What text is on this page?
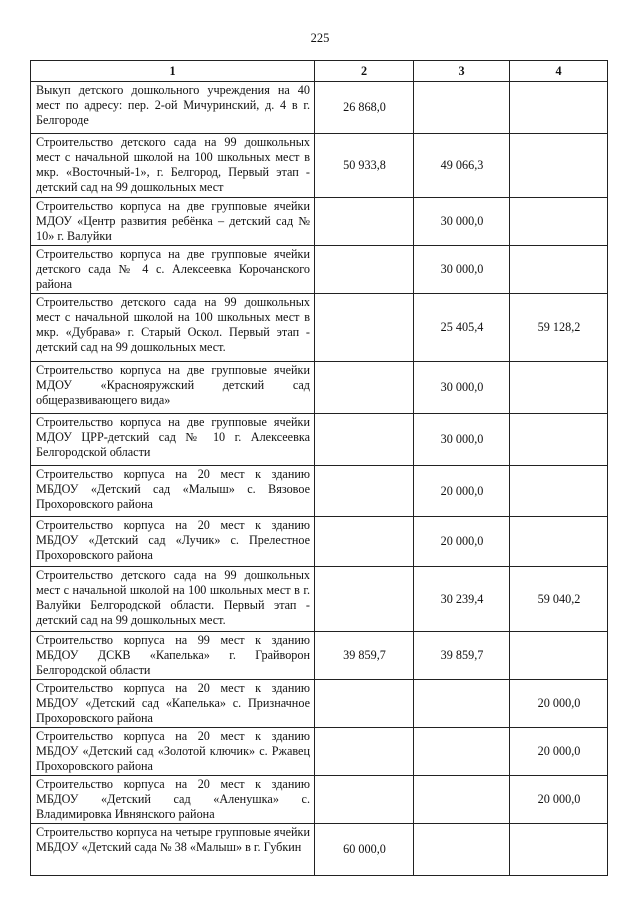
225
1	2	3	4
Выкуп детского дошкольного учреждения на 40 мест по адресу: пер. 2-ой Мичуринский, д. 4 в г. Белгороде	26 868,0		
Строительство детского сада на 99 дошкольных мест с начальной школой на 100 школьных мест в мкр. «Восточный-1», г. Белгород, Первый этап - детский сад на 99 дошкольных мест	50 933,8	49 066,3	
Строительство корпуса на две групповые ячейки МДОУ «Центр развития ребёнка – детский сад № 10» г. Валуйки		30 000,0	
Строительство корпуса на две групповые ячейки детского сада № 4 с. Алексеевка Корочанского района		30 000,0	
Строительство детского сада на 99 дошкольных мест с начальной школой на 100 школьных мест в мкр. «Дубрава» г. Старый Оскол. Первый этап - детский сад на 99 дошкольных мест.		25 405,4	59 128,2
Строительство корпуса на две групповые ячейки МДОУ «Краснояружский детский сад общеразвивающего вида»		30 000,0	
Строительство корпуса на две групповые ячейки МДОУ ЦРР-детский сад № 10 г. Алексеевка Белгородской области		30 000,0	
Строительство корпуса на 20 мест к зданию МБДОУ «Детский сад «Малыш» с. Вязовое Прохоровского района		20 000,0	
Строительство корпуса на 20 мест к зданию МБДОУ «Детский сад «Лучик» с. Прелестное Прохоровского района		20 000,0	
Строительство детского сада на 99 дошкольных мест с начальной школой на 100 школьных мест в г. Валуйки Белгородской области. Первый этап - детский сад на 99 дошкольных мест.		30 239,4	59 040,2
Строительство корпуса на 99 мест к зданию МБДОУ ДСКВ «Капелька» г. Грайворон Белгородской области	39 859,7	39 859,7	
Строительство корпуса на 20 мест к зданию МБДОУ «Детский сад «Капелька» с. Призначное Прохоровского района			20 000,0
Строительство корпуса на 20 мест к зданию МБДОУ «Детский сад «Золотой ключик» с. Ржавец Прохоровского района			20 000,0
Строительство корпуса на 20 мест к зданию МБДОУ «Детский сад «Аленушка» с. Владимировка Ивнянского района			20 000,0
Строительство корпуса на четыре групповые ячейки МБДОУ «Детский сада № 38 «Малыш» в г. Губкин	60 000,0		
